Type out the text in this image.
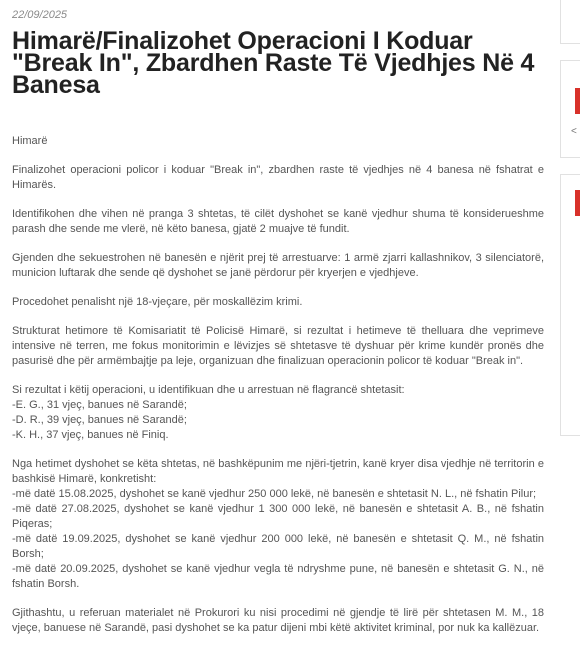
22/09/2025
Himarë/Finalizohet Operacioni I Koduar "Break In", Zbardhen Raste Të Vjedhjes Në 4 Banesa

Himarë

Finalizohet operacioni policor i koduar "Break in", zbardhen raste të vjedhjes në 4 banesa në fshatrat e Himarës.

Identifikohen dhe vihen në pranga 3 shtetas, të cilët dyshohet se kanë vjedhur shuma të konsiderueshme parash dhe sende me vlerë, në këto banesa, gjatë 2 muajve të fundit.

Gjenden dhe sekuestrohen në banesën e njërit prej të arrestuarve: 1 armë zjarri kallashnikov, 3 silenciatorë, municion luftarak dhe sende që dyshohet se janë përdorur për kryerjen e vjedhjeve.

Procedohet penalisht një 18-vjeçare, për moskallëzim krimi.

Strukturat hetimore të Komisariatit të Policisë Himarë, si rezultat i hetimeve të thelluara dhe veprimeve intensive në terren, me fokus monitorimin e lëvizjes së shtetasve të dyshuar për krime kundër pronës dhe pasurisë dhe për armëmbajtje pa leje, organizuan dhe finalizuan operacionin policor të koduar "Break in".

Si rezultat i këtij operacioni, u identifikuan dhe u arrestuan në flagrancë shtetasit:
-E. G., 31 vjeç, banues në Sarandë;
-D. R., 39 vjeç, banues në Sarandë;
-K. H., 37 vjeç, banues në Finiq.

Nga hetimet dyshohet se këta shtetas, në bashkëpunim me njëri-tjetrin, kanë kryer disa vjedhje në territorin e bashkisë Himarë, konkretisht:
-më datë 15.08.2025, dyshohet se kanë vjedhur 250 000 lekë, në banesën e shtetasit N. L., në fshatin Pilur;
-më datë 27.08.2025, dyshohet se kanë vjedhur 1 300 000 lekë, në banesën e shtetasit A. B., në fshatin Piqeras;
-më datë 19.09.2025, dyshohet se kanë vjedhur 200 000 lekë, në banesën e shtetasit Q. M., në fshatin Borsh;
-më datë 20.09.2025, dyshohet se kanë vjedhur vegla të ndryshme pune, në banesën e shtetasit G. N., në fshatin Borsh.

Gjithashtu, u referuan materialet në Prokurori ku nisi procedimi në gjendje të lirë për shtetasen M. M., 18 vjeçe, banuese në Sarandë, pasi dyshohet se ka patur dijeni mbi këtë aktivitet kriminal, por nuk ka kallëzuar.

<
